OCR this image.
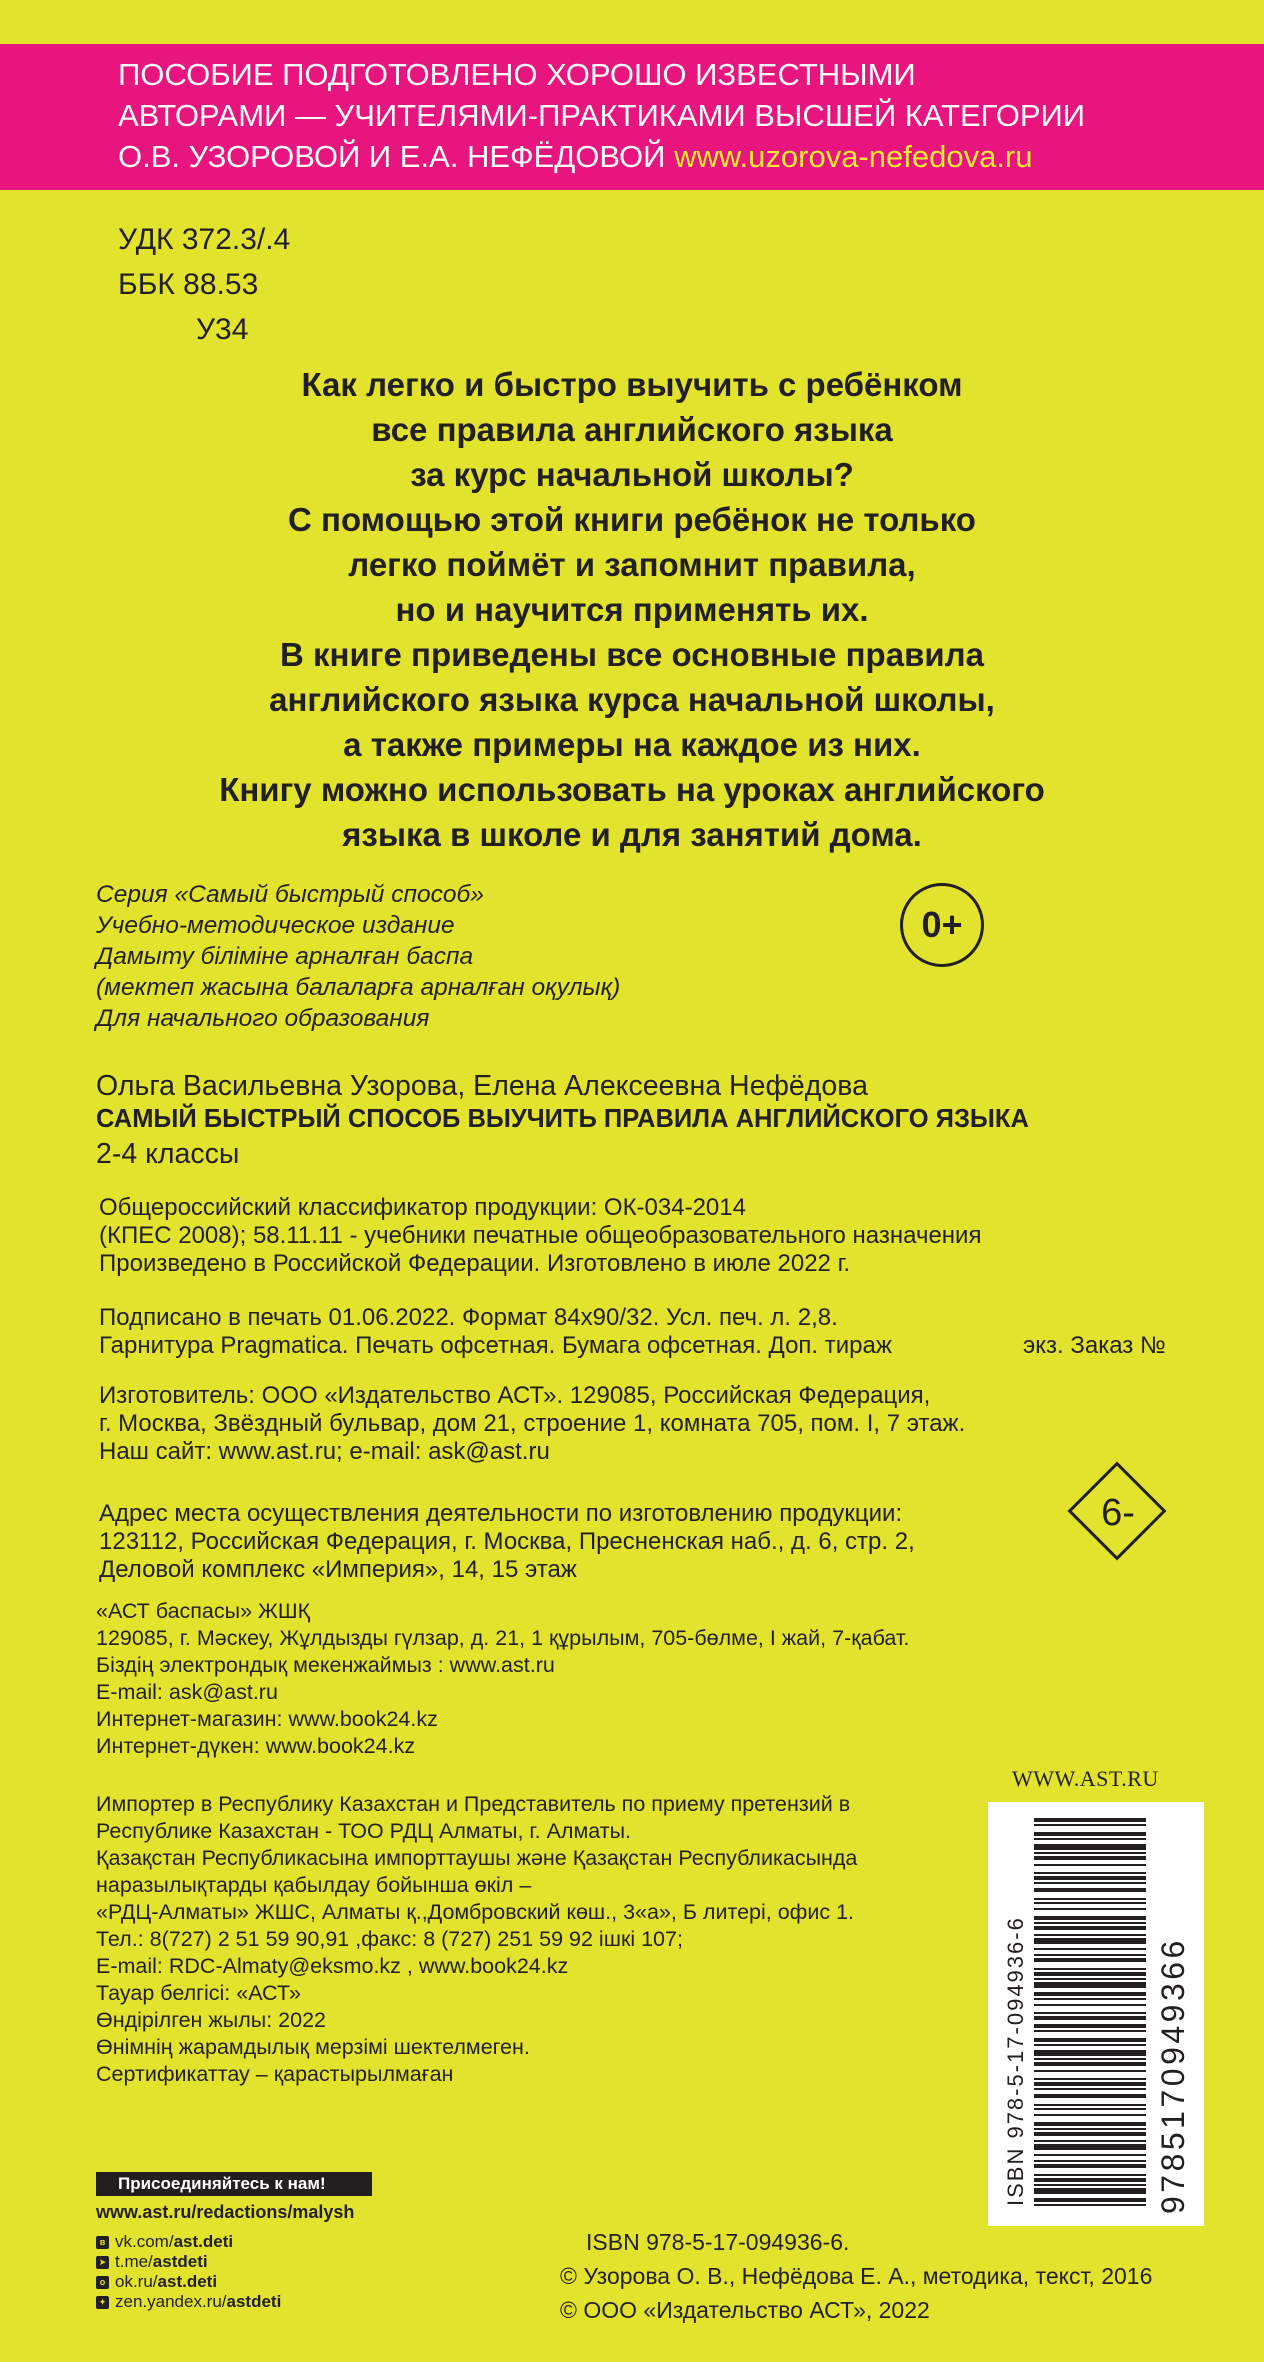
ПОСОБИЕ ПОДГОТОВЛЕНО ХОРОШО ИЗВЕСТНЫМИ
АВТОРАМИ — УЧИТЕЛЯМИ-ПРАКТИКАМИ ВЫСШЕЙ КАТЕГОРИИ
О.В. УЗОРОВОЙ И Е.А. НЕФЁДОВОЙ www.uzorova-nefedova.ru
УДК 372.3/.4
ББК 88.53
У34
Как легко и быстро выучить с ребёнком
все правила английского языка
за курс начальной школы?
С помощью этой книги ребёнок не только
легко поймёт и запомнит правила,
но и научится применять их.
В книге приведены все основные правила
английского языка курса начальной школы,
а также примеры на каждое из них.
Книгу можно использовать на уроках английского
языка в школе и для занятий дома.
Серия «Самый быстрый способ»
Учебно-методическое издание
Дамыту біліміне арналған баспа
(мектеп жасына балаларға арналған оқулық)
Для начального образования
0+
Ольга Васильевна Узорова, Елена Алексеевна Нефёдова
САМЫЙ БЫСТРЫЙ СПОСОБ ВЫУЧИТЬ ПРАВИЛА АНГЛИЙСКОГО ЯЗЫКА
2-4 классы
Общероссийский классификатор продукции: ОК-034-2014
(КПЕС 2008); 58.11.11 - учебники печатные общеобразовательного назначения
Произведено в Российской Федерации. Изготовлено в июле 2022 г.
Подписано в печать 01.06.2022. Формат 84х90/32. Усл. печ. л. 2,8.
Гарнитура Pragmatica. Печать офсетная. Бумага офсетная. Доп. тираж	экз. Заказ №
Изготовитель: ООО «Издательство АСТ». 129085, Российская Федерация,
г. Москва, Звёздный бульвар, дом 21, строение 1, комната 705, пом. I, 7 этаж.
Наш сайт: www.ast.ru; e-mail: ask@ast.ru
Адрес места осуществления деятельности по изготовлению продукции:
123112, Российская Федерация, г. Москва, Пресненская наб., д. 6, стр. 2,
Деловой комплекс «Империя», 14, 15 этаж
6-
«АСТ баспасы» ЖШҚ
129085, г. Мәскеу, Жұлдызды гүлзар, д. 21, 1 құрылым, 705-бөлме, I жай, 7-қабат.
Біздің электрондық мекенжаймыз : www.ast.ru
E-mail: ask@ast.ru
Интернет-магазин: www.book24.kz
Интернет-дүкен: www.book24.kz
WWW.AST.RU
Импортер в Республику Казахстан и Представитель по приему претензий в
Республике Казахстан - ТОО РДЦ Алматы, г. Алматы.
Қазақстан Республикасына импорттаушы және Қазақстан Республикасында
наразылықтарды қабылдау бойынша өкіл –
«РДЦ-Алматы» ЖШС, Алматы қ.,Домбровский көш., 3«а», Б литері, офис 1.
Тел.: 8(727) 2 51 59 90,91 ,факс: 8 (727) 251 59 92 ішкі 107;
E-mail: RDC-Almaty@eksmo.kz , www.book24.kz
Тауар белгісі: «АСТ»
Өндірілген жылы: 2022
Өнімнің жарамдылық мерзімі шектелмеген.
Сертификаттау – қарастырылмаған	ISBN 978-5-17-094936-6	9785170949366
Присоединяйтесь к нам!
www.ast.ru/redactions/malysh
в vk.com/ ast.deti
➤ t.me/ astdeti
o ok.ru/ ast.deti
✦ zen.yandex.ru/ astdeti
ISBN 978-5-17-094936-6.
© Узорова О. В., Нефёдова Е. А., методика, текст, 2016
© ООО «Издательство АСТ», 2022
